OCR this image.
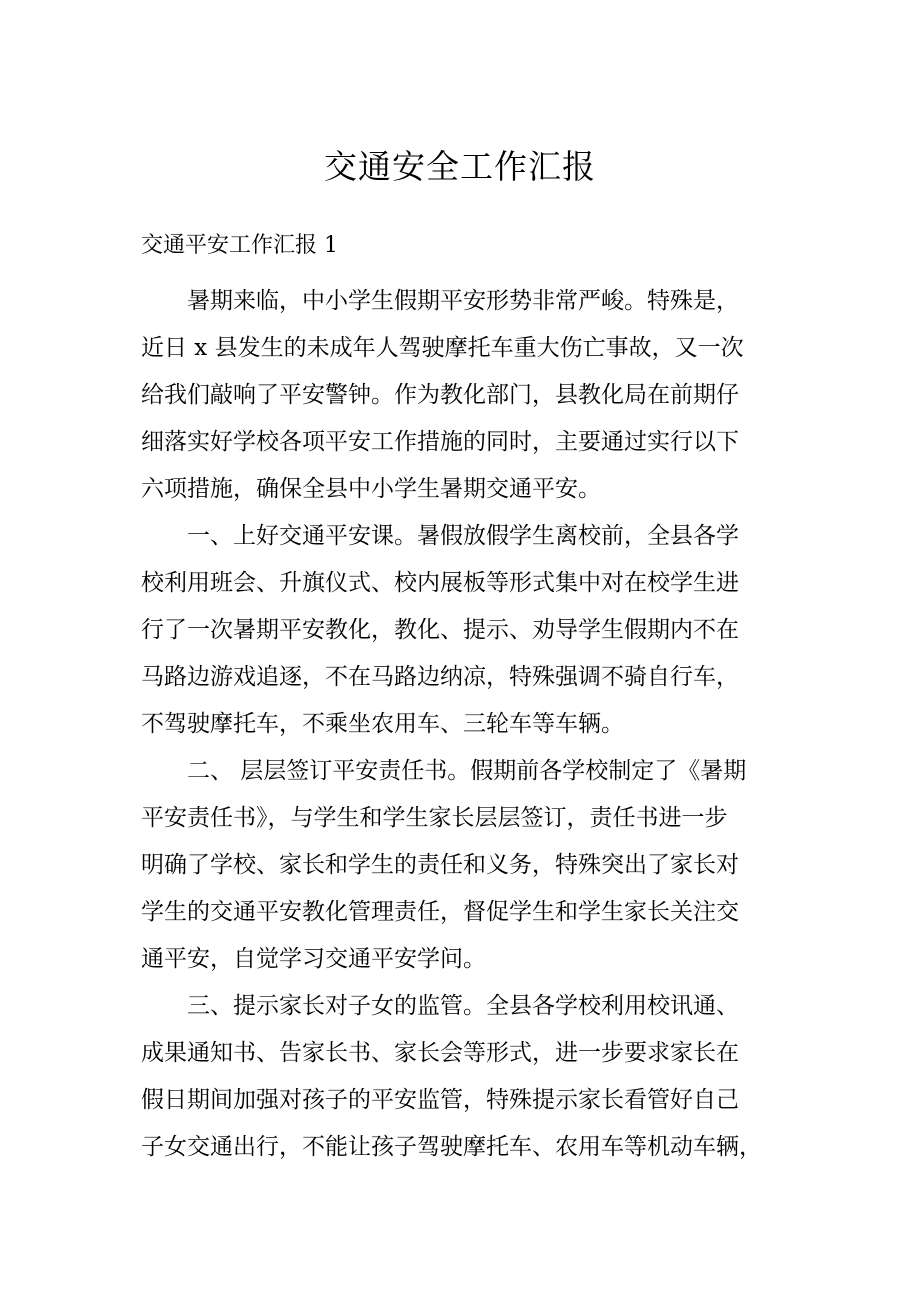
交通安全工作汇报
交通平安工作汇报 1
　　暑期来临，中小学生假期平安形势非常严峻。特殊是，
近日 x 县发生的未成年人驾驶摩托车重大伤亡事故，又一次
给我们敲响了平安警钟。作为教化部门，县教化局在前期仔
细落实好学校各项平安工作措施的同时，主要通过实行以下
六项措施，确保全县中小学生暑期交通平安。
　　一、上好交通平安课。暑假放假学生离校前，全县各学
校利用班会、升旗仪式、校内展板等形式集中对在校学生进
行了一次暑期平安教化，教化、提示、劝导学生假期内不在
马路边游戏追逐，不在马路边纳凉，特殊强调不骑自行车，
不驾驶摩托车，不乘坐农用车、三轮车等车辆。
　　二、 层层签订平安责任书。假期前各学校制定了《暑期
平安责任书》，与学生和学生家长层层签订，责任书进一步
明确了学校、家长和学生的责任和义务，特殊突出了家长对
学生的交通平安教化管理责任，督促学生和学生家长关注交
通平安，自觉学习交通平安学问。
　　三、提示家长对子女的监管。全县各学校利用校讯通、
成果通知书、告家长书、家长会等形式，进一步要求家长在
假日期间加强对孩子的平安监管，特殊提示家长看管好自己
子女交通出行，不能让孩子驾驶摩托车、农用车等机动车辆，
